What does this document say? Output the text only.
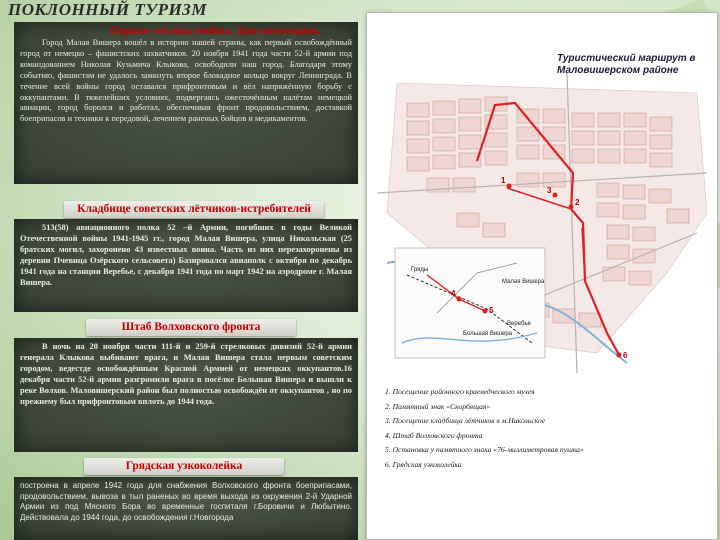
ПОКЛОННЫЙ ТУРИЗМ

Город Малая Вишера вошёл в историю нашей страны, как первый освобождённый город от немецко – фашистских захватчиков. 20 ноября 1941 года части 52-й армии под командованием Николая Кузьмича Клыкова, освободили наш город. Благодаря этому событию, фашистам не удалось замкнуть второе блокадное кольцо вокруг Ленинграда. В течение всей войны город оставался прифронтовым и вёл напряжённую борьбу с оккупантами. В тяжелейших условиях, подвергаясь ожесточённым налётам немецкой авиации, город боролся и работал, обеспечивая фронт продовольствием, доставкой боеприпасов и техники к передовой, лечением раненых бойцов и медикаментов.

Первые месяцы войны. Дни оккупации.
Кладбище советских лётчиков-истребителей

513(58) авиационного полка 52 –й Армии, погибших в годы Великой Отечественной войны 1941-1945 гг., город Малая Вишера, улица Никольская (25 братских могил, захоронено 43 известных воина. Часть из них перезахоронены из деревни Пчевица Озёрского сельсовета) Базировался авиаполк с октября по декабрь 1941 года на станции Веребье, с декабря 1941 года по март 1942 на аэродроме г. Малая Вишера.

Штаб Волховского фронта

В ночь на 20 ноября части 111-й и 259-й стрелковых дивизий 52-й армии генерала Клыкова выбивают врага, и Малая Вишера стала первым советским городом, ведестде освобождённым Красной Армией от немецких оккупантов.16 декабря части 52-й армии разгромили врага в посёлке Большая Вишера и вышли к реке Волхов. Маловишерский район был полностью освобождён от оккупантов , но по прежнему был прифронтовым вплоть до 1944 года.

Грядская узкоколейка

построена в апреле 1942 года для снабжения Волховского фронта боеприпасами, продовольствием, вывоза в тыл раненых во время выхода из окружения 2-й Ударной Армии из под Мясного Бора во временные госпиталя г.Боровичи и Любытино. Действовала до 1944 года, до освобождения г.Новгорода

1
2
3
4
5
6
Малая Вишера
Гряды
Большая Вишера
Веребье
Туристический маршрут в Маловишерском районе
1. Посещение районного краеведческого музея
2. Памятный знак «Скорбящая»
3. Посещение кладбища лётчиков в м.Никольское
4. Штаб Волховского фронта
5. Остановка у памятного знака «76-миллиметровая пушка»
6. Грядская узкоколейка
